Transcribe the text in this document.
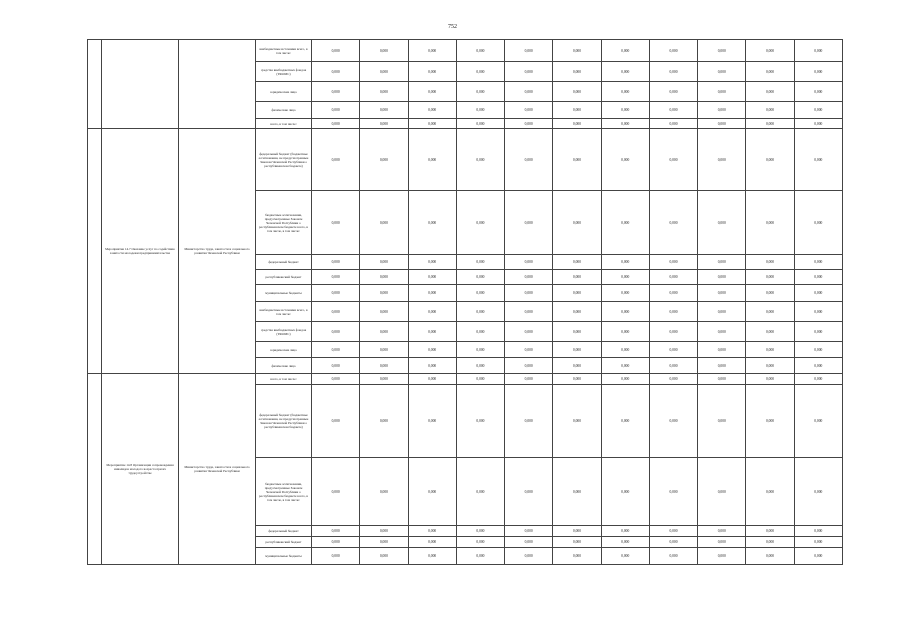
752
			внебюджетные источники всего, в том числе:	0,000	0,000	0,000	0,000	0,000	0,000	0,000	0,000	0,000	0,000	0,000
			средства внебюджетных фондов (ТФОМС)	0,000	0,000	0,000	0,000	0,000	0,000	0,000	0,000	0,000	0,000	0,000
			юридические лица	0,000	0,000	0,000	0,000	0,000	0,000	0,000	0,000	0,000	0,000	0,000
			физические лица	0,000	0,000	0,000	0,000	0,000	0,000	0,000	0,000	0,000	0,000	0,000
			всего, в том числе:	0,000	0,000	0,000	0,000	0,000	0,000	0,000	0,000	0,000	0,000	0,000
	Мероприятие 14.7 Оказание услуг по содействию занятости молодежи предпринимательства	Министерство труда, занятости и социального развития Чеченской Республики	федеральный бюджет (бюджетные ассигнования, не предусмотренные Законом Чеченской Республики о республиканском бюджете)	0,000	0,000	0,000	0,000	0,000	0,000	0,000	0,000	0,000	0,000	0,000
			бюджетные ассигнования, предусмотренные Законом Чеченской Республики о республиканском бюджете всего, в том числе, в том числе:	0,000	0,000	0,000	0,000	0,000	0,000	0,000	0,000	0,000	0,000	0,000
			федеральный бюджет	0,000	0,000	0,000	0,000	0,000	0,000	0,000	0,000	0,000	0,000	0,000
			республиканский бюджет	0,000	0,000	0,000	0,000	0,000	0,000	0,000	0,000	0,000	0,000	0,000
			муниципальные бюджеты	0,000	0,000	0,000	0,000	0,000	0,000	0,000	0,000	0,000	0,000	0,000
			внебюджетные источники всего, в том числе:	0,000	0,000	0,000	0,000	0,000	0,000	0,000	0,000	0,000	0,000	0,000
			средства внебюджетных фондов (ТФОМС)	0,000	0,000	0,000	0,000	0,000	0,000	0,000	0,000	0,000	0,000	0,000
			юридические лица	0,000	0,000	0,000	0,000	0,000	0,000	0,000	0,000	0,000	0,000	0,000
			физические лица	0,000	0,000	0,000	0,000	0,000	0,000	0,000	0,000	0,000	0,000	0,000
	Мероприятие 14.8 Организация сопровождения инвалидов молодого возраста при их трудоустройстве	Министерство труда, занятости и социального развития Чеченской Республики	всего, в том числе:	0,000	0,000	0,000	0,000	0,000	0,000	0,000	0,000	0,000	0,000	0,000
			федеральный бюджет (бюджетные ассигнования, не предусмотренные Законом Чеченской Республики о республиканском бюджете)	0,000	0,000	0,000	0,000	0,000	0,000	0,000	0,000	0,000	0,000	0,000
			бюджетные ассигнования, предусмотренные Законом Чеченской Республики о республиканском бюджете всего, в том числе, в том числе:	0,000	0,000	0,000	0,000	0,000	0,000	0,000	0,000	0,000	0,000	0,000
			федеральный бюджет	0,000	0,000	0,000	0,000	0,000	0,000	0,000	0,000	0,000	0,000	0,000
			республиканский бюджет	0,000	0,000	0,000	0,000	0,000	0,000	0,000	0,000	0,000	0,000	0,000
			муниципальные бюджеты	0,000	0,000	0,000	0,000	0,000	0,000	0,000	0,000	0,000	0,000	0,000
